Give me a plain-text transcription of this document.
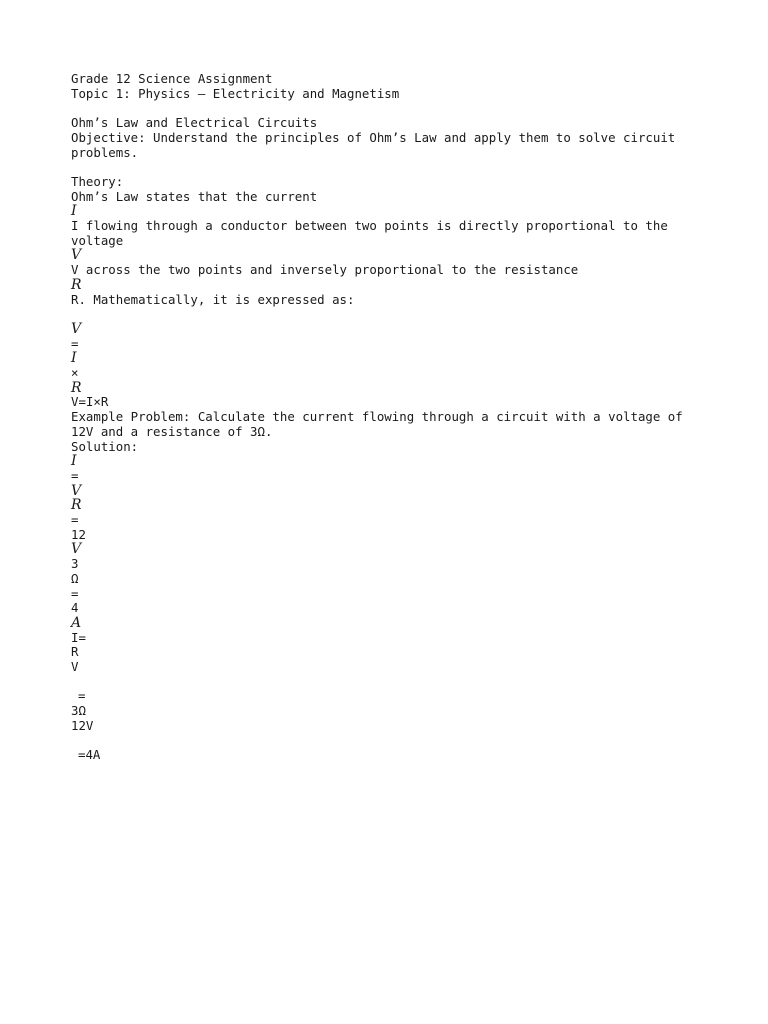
Grade 12 Science Assignment
Topic 1: Physics – Electricity and Magnetism
Ohm’s Law and Electrical Circuits
Objective: Understand the principles of Ohm’s Law and apply them to solve circuit problems.
Theory:
Ohm’s Law states that the current
I
I flowing through a conductor between two points is directly proportional to the voltage
V
V across the two points and inversely proportional to the resistance
R
R. Mathematically, it is expressed as:
V
=
I
×
R
V=I×R
Example Problem: Calculate the current flowing through a circuit with a voltage of 12V and a resistance of 3Ω.
Solution:
I
=
V
R
=
12
V
3
Ω
=
4
A
I=
R
V
=
3Ω
12V
=4A
